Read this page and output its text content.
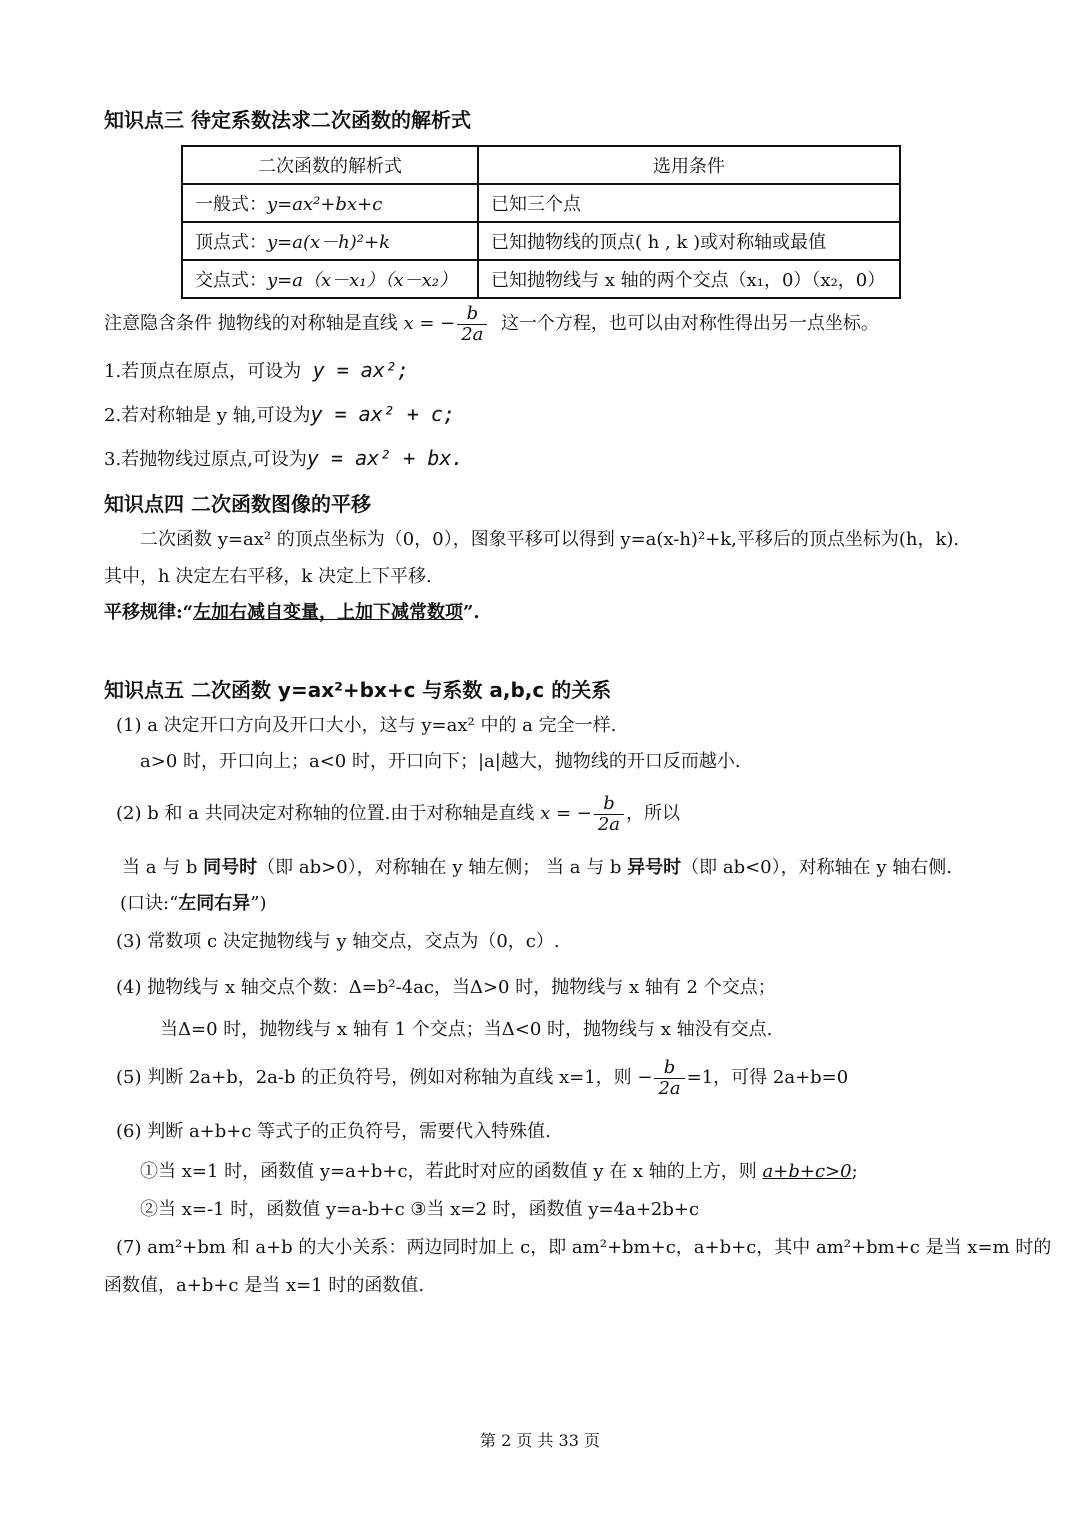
知识点三 待定系数法求二次函数的解析式
二次函数的解析式	选用条件
一般式：y=ax²+bx+c	已知三个点
顶点式：y=a(x－h)²+k	已知抛物线的顶点( h , k )或对称轴或最值
交点式：y=a（x－x₁）（x－x₂）	已知抛物线与 x 轴的两个交点（x₁，0）（x₂，0）
注意隐含条件 抛物线的对称轴是直线 x = − $\frac{b}{2a}$ 这一个方程，也可以由对称性得出另一点坐标。
1.若顶点在原点，可设为 y = ax²;
2.若对称轴是 y 轴,可设为y = ax² + c;
3.若抛物线过原点,可设为y = ax² + bx.
知识点四 二次函数图像的平移
二次函数 y=ax² 的顶点坐标为（0，0），图象平移可以得到 y=a(x-h)²+k,平移后的顶点坐标为(h，k).
其中，h 决定左右平移，k 决定上下平移.
平移规律:“左加右减自变量，上加下减常数项”.
知识点五 二次函数 y=ax²+bx+c 与系数 a,b,c 的关系
(1) a 决定开口方向及开口大小，这与 y=ax² 中的 a 完全一样.
a>0 时，开口向上；a<0 时，开口向下；|a|越大，抛物线的开口反而越小.
(2) b 和 a 共同决定对称轴的位置.由于对称轴是直线 x = − $\frac{b}{2a}$ ，所以
当 a 与 b 同号时（即 ab>0），对称轴在 y 轴左侧； 当 a 与 b 异号时（即 ab<0），对称轴在 y 轴右侧.
(口诀:“左同右异”)
(3) 常数项 c 决定抛物线与 y 轴交点，交点为（0，c）.
(4) 抛物线与 x 轴交点个数：Δ=b²-4ac，当Δ>0 时，抛物线与 x 轴有 2 个交点；
当Δ=0 时，抛物线与 x 轴有 1 个交点；当Δ<0 时，抛物线与 x 轴没有交点.
(5) 判断 2a+b，2a-b 的正负符号，例如对称轴为直线 x=1，则 − $\frac{b}{2a} =1$，可得 2a+b=0
(6) 判断 a+b+c 等式子的正负符号，需要代入特殊值.
①当 x=1 时，函数值 y=a+b+c，若此时对应的函数值 y 在 x 轴的上方，则 a+b+c>0;
②当 x=-1 时，函数值 y=a-b+c ③当 x=2 时，函数值 y=4a+2b+c
(7) am²+bm 和 a+b 的大小关系：两边同时加上 c，即 am²+bm+c，a+b+c，其中 am²+bm+c 是当 x=m 时的
函数值，a+b+c 是当 x=1 时的函数值.
第 2 页 共 33 页
